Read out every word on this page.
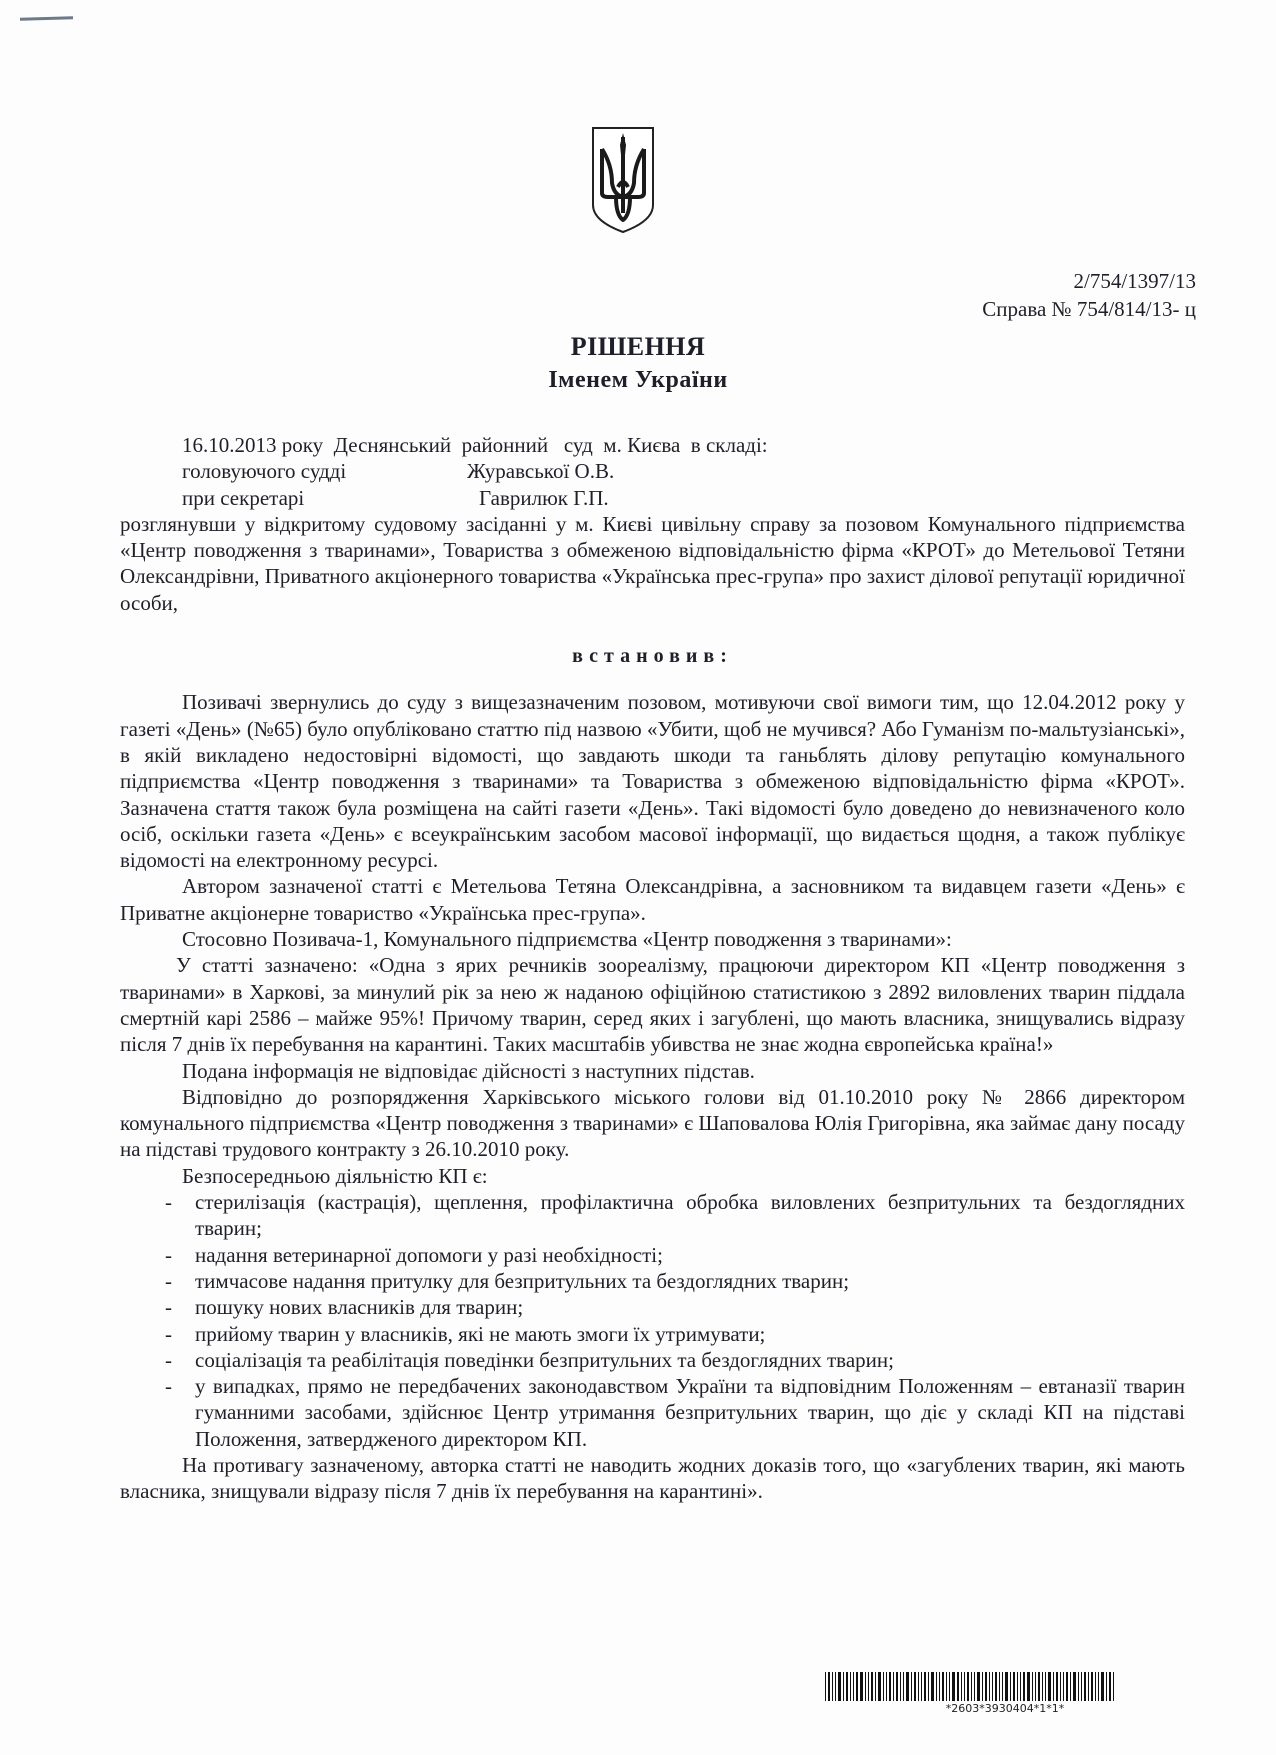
2/754/1397/13
Справа № 754/814/13- ц
РІШЕННЯ
Іменем України

16.10.2013 року  Деснянський  районний   суд  м. Києва  в складі:

головуючого судді	Журавської О.В.
при секретарі	Гаврилюк Г.П.

розглянувши у відкритому судовому засіданні у м. Києві цивільну справу за позовом Комунального підприємства «Центр поводження з тваринами», Товариства з обмеженою відповідальністю фірма «КРОТ» до Метельової Тетяни Олександрівни, Приватного акціонерного товариства «Українська прес-група» про захист ділової репутації юридичної особи,

встановив:

Позивачі звернулись до суду з вищезазначеним позовом, мотивуючи свої вимоги тим, що 12.04.2012 року у газеті «День» (№65) було опубліковано статтю під назвою «Убити, щоб не мучився? Або Гуманізм по-мальтузіанські», в якій викладено недостовірні відомості, що завдають шкоди та ганьблять ділову репутацію комунального підприємства «Центр поводження з тваринами» та Товариства з обмеженою відповідальністю фірма «КРОТ». Зазначена стаття також була розміщена на сайті газети «День». Такі відомості було доведено до невизначеного коло осіб, оскільки газета «День» є всеукраїнським засобом масової інформації, що видається щодня, а також публікує відомості на електронному ресурсі.

Автором зазначеної статті є Метельова Тетяна Олександрівна, а засновником та видавцем газети «День» є Приватне акціонерне товариство «Українська прес-група».

Стосовно Позивача-1, Комунального підприємства «Центр поводження з тваринами»:

У статті зазначено: «Одна з ярих речників зоореалізму, працюючи директором КП «Центр поводження з тваринами» в Харкові, за минулий рік за нею ж наданою офіційною статистикою з 2892 виловлених тварин піддала смертній карі 2586 – майже 95%! Причому тварин, серед яких і загублені, що мають власника, знищувались відразу після 7 днів їх перебування на карантині. Таких масштабів убивства не знає жодна європейська країна!»

Подана інформація не відповідає дійсності з наступних підстав.

Відповідно до розпорядження Харківського міського голови від 01.10.2010 року № 2866 директором комунального підприємства «Центр поводження з тваринами» є Шаповалова Юлія Григорівна, яка займає дану посаду на підставі трудового контракту з 26.10.2010 року.

Безпосередньою діяльністю КП є:

- стерилізація (кастрація), щеплення, профілактична обробка виловлених безпритульних та бездоглядних тварин;
- надання ветеринарної допомоги у разі необхідності;
- тимчасове надання притулку для безпритульних та бездоглядних тварин;
- пошуку нових власників для тварин;
- прийому тварин у власників, які не мають змоги їх утримувати;
- соціалізація та реабілітація поведінки безпритульних та бездоглядних тварин;
- у випадках, прямо не передбачених законодавством України та відповідним Положенням – евтаназії тварин гуманними засобами, здійснює Центр утримання безпритульних тварин, що діє у складі КП на підставі Положення, затвердженого директором КП.

На противагу зазначеному, авторка статті не наводить жодних доказів того, що «загублених тварин, які мають власника, знищували відразу після 7 днів їх перебування на карантині».

*2603*3930404*1*1*
